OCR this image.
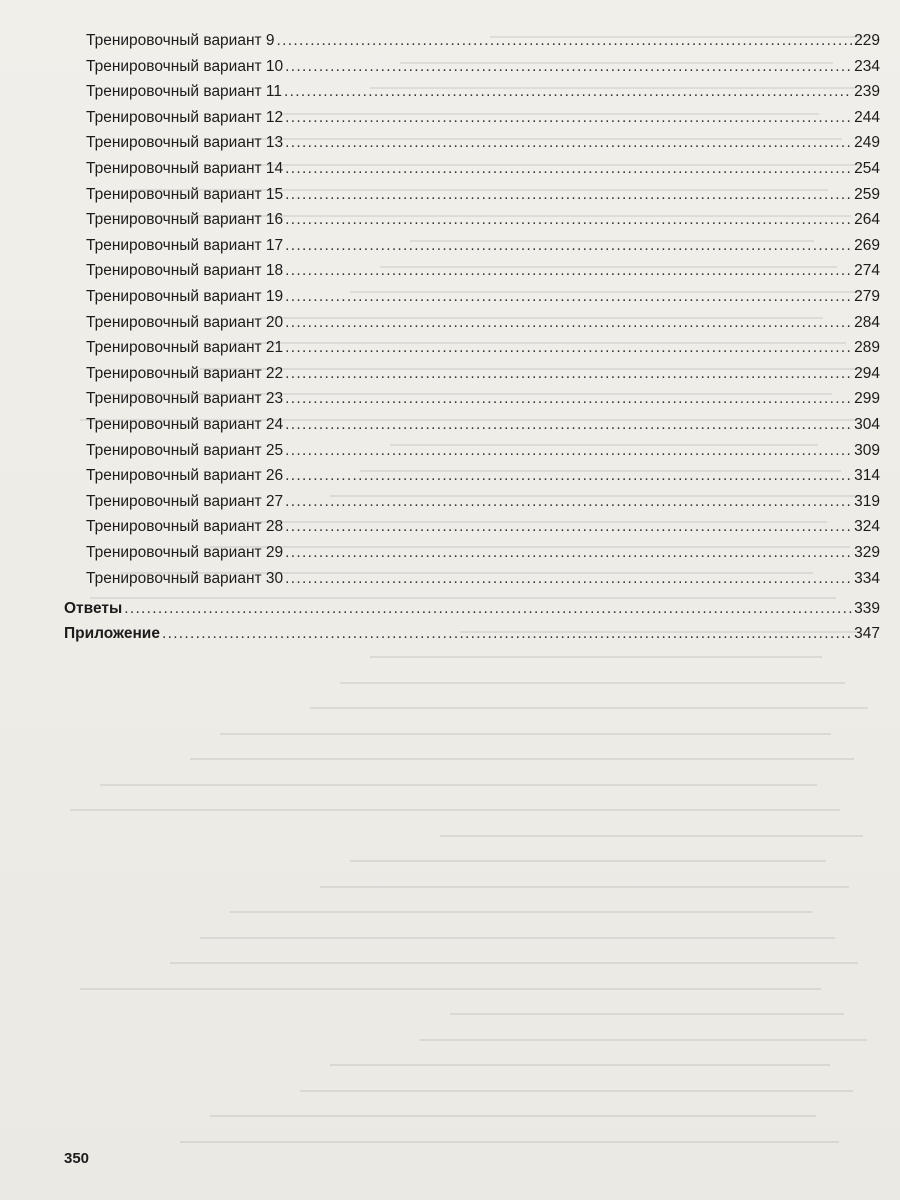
Тренировочный вариант 9 . . .	229
Тренировочный вариант 10 . . .	234
Тренировочный вариант 11 . . .	239
Тренировочный вариант 12 . . .	244
Тренировочный вариант 13 . . .	249
Тренировочный вариант 14 . . .	254
Тренировочный вариант 15 . . .	259
Тренировочный вариант 16 . . .	264
Тренировочный вариант 17 . . .	269
Тренировочный вариант 18 . . .	274
Тренировочный вариант 19 . . .	279
Тренировочный вариант 20 . . .	284
Тренировочный вариант 21 . . .	289
Тренировочный вариант 22 . . .	294
Тренировочный вариант 23 . . .	299
Тренировочный вариант 24 . . .	304
Тренировочный вариант 25 . . .	309
Тренировочный вариант 26 . . .	314
Тренировочный вариант 27 . . .	319
Тренировочный вариант 28 . . .	324
Тренировочный вариант 29 . . .	329
Тренировочный вариант 30 . . .	334
Ответы . . .	339
Приложение . . .	347
350
